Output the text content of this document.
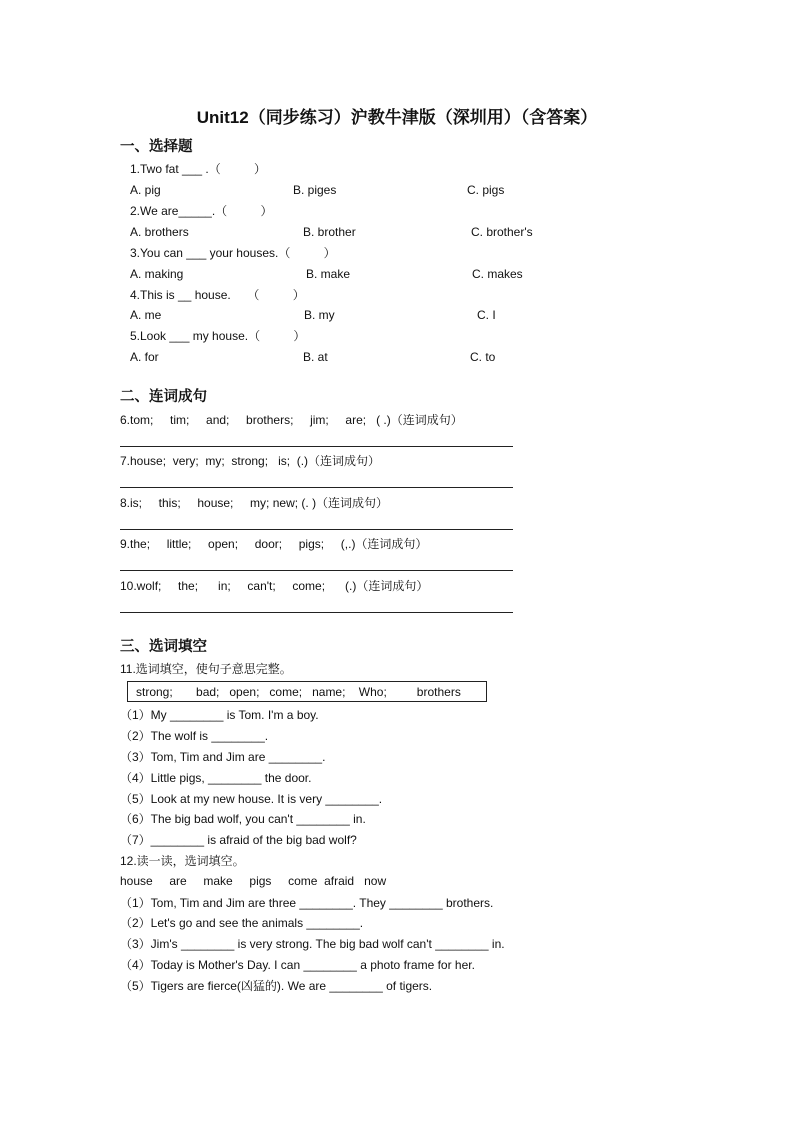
Unit12（同步练习）沪教牛津版（深圳用）（含答案）
一、选择题
1.Two fat ___ .（          ）
A. pig	B. piges	C. pigs
2.We are_____.（          ）
A. brothers	B. brother	C. brother's
3.You can ___ your houses.（          ）
A. making	B. make	C. makes
4.This is __ house.     （          ）
A. me	B. my	C. I
5.Look ___ my house.（          ）
A. for	B. at	C. to
二、连词成句
6.tom;     tim;     and;     brothers;     jim;     are;   ( .)（连词成句）
7.house;  very;  my;  strong;   is;  (.)（连词成句）
8.is;     this;     house;     my; new; (. )（连词成句）
9.the;     little;     open;     door;     pigs;     (,.)（连词成句）
10.wolf;     the;      in;     can't;     come;      (.)（连词成句）
三、选词填空
11.选词填空，使句子意思完整。
strong;       bad;   open;   come;   name;    Who;         brothers
（1）My ________ is Tom. I'm a boy.
（2）The wolf is ________.
（3）Tom, Tim and Jim are ________.
（4）Little pigs, ________ the door.
（5）Look at my new house. It is very ________.
（6）The big bad wolf, you can't ________ in.
（7）________ is afraid of the big bad wolf?
12.读一读，选词填空。
house     are     make     pigs     come  afraid   now
（1）Tom, Tim and Jim are three ________. They ________ brothers.
（2）Let's go and see the animals ________.
（3）Jim's ________ is very strong. The big bad wolf can't ________ in.
（4）Today is Mother's Day. I can ________ a photo frame for her.
（5）Tigers are fierce(凶猛的). We are ________ of tigers.
